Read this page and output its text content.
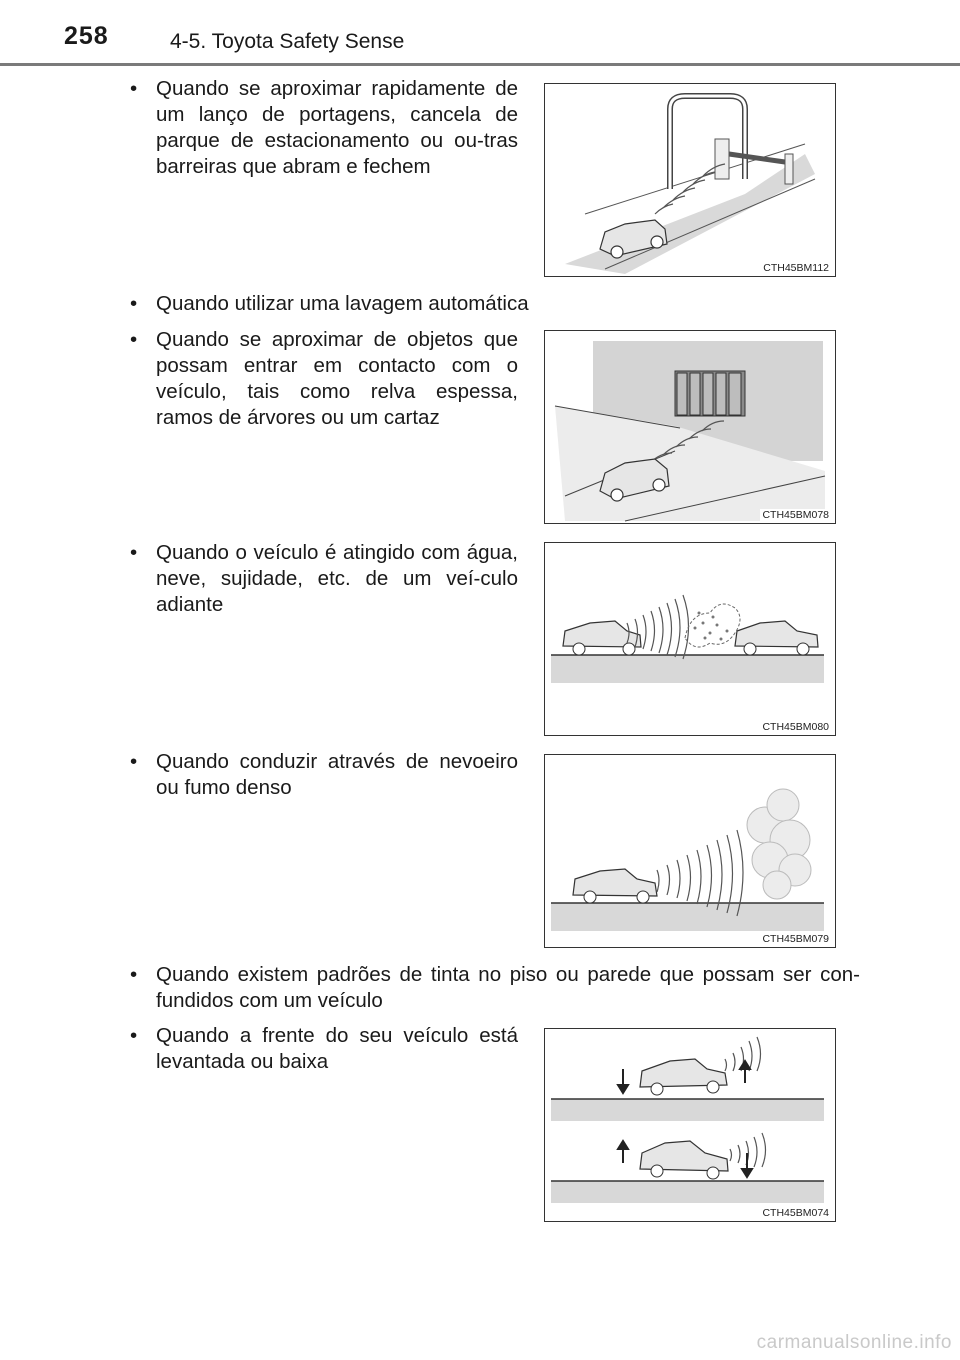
258	4-5. Toyota Safety Sense
• Quando se aproximar rapidamente de um lanço de portagens, cancela de parque de estacionamento ou ou-tras barreiras que abram e fechem
CTH45BM112
• Quando utilizar uma lavagem automática
• Quando se aproximar de objetos que possam entrar em contacto com o veículo, tais como relva espessa, ramos de árvores ou um cartaz
CTH45BM078
• Quando o veículo é atingido com água, neve, sujidade, etc. de um veí-culo adiante
CTH45BM080
• Quando conduzir através de nevoeiro ou fumo denso
CTH45BM079
• Quando existem padrões de tinta no piso ou parede que possam ser con-fundidos com um veículo
• Quando a frente do seu veículo está levantada ou baixa
CTH45BM074
carmanualsonline.info
